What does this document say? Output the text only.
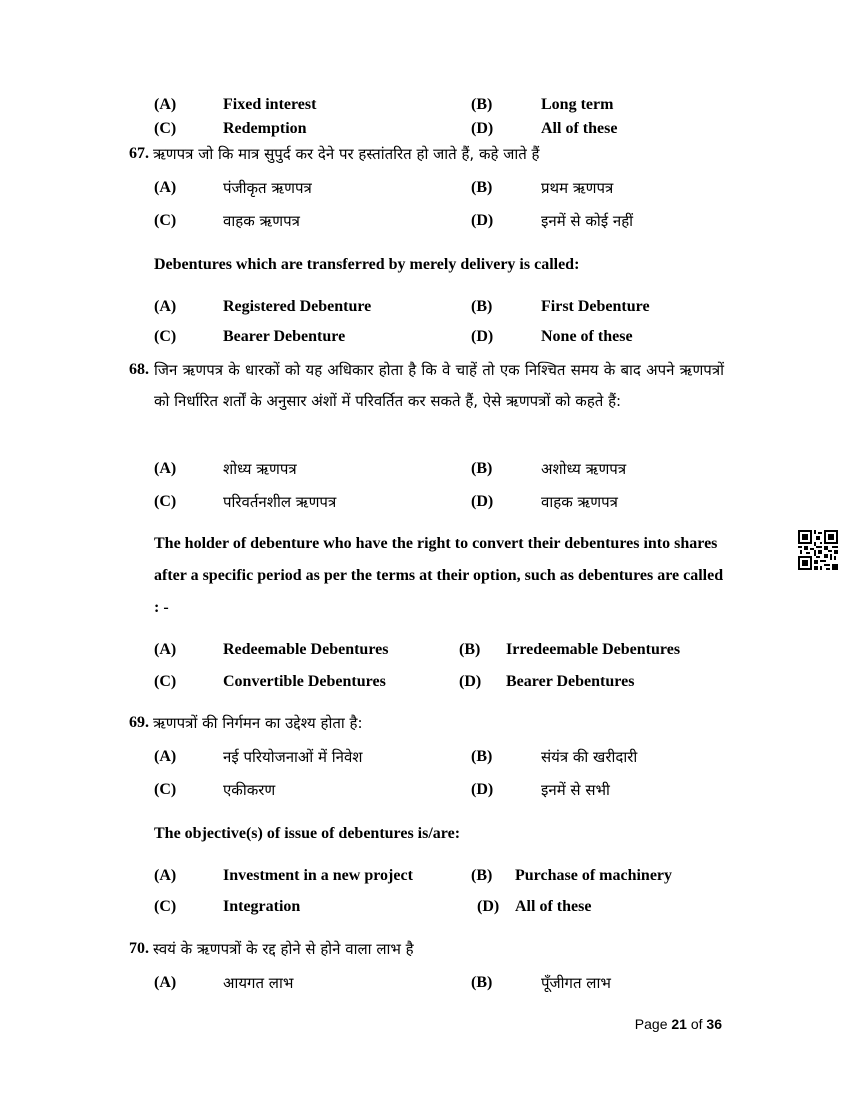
(A)	Fixed interest	(B)	Long term
(C)	Redemption	(D)	All of these
67. ऋणपत्र जो कि मात्र सुपुर्द कर देने पर हस्तांतरित हो जाते हैं, कहे जाते हैं
(A)	पंजीकृत ऋणपत्र	(B)	प्रथम ऋणपत्र
(C)	वाहक ऋणपत्र	(D)	इनमें से कोई नहीं
Debentures which are transferred by merely delivery is called:
(A)	Registered Debenture	(B)	First Debenture
(C)	Bearer Debenture	(D)	None of these
68. जिन ऋणपत्र के धारकों को यह अधिकार होता है कि वे चाहें तो एक निश्चित समय के बाद अपने ऋणपत्रों को निर्धारित शर्तों के अनुसार अंशों में परिवर्तित कर सकते हैं, ऐसे ऋणपत्रों को कहते हैं:
(A)	शोध्य ऋणपत्र	(B)	अशोध्य ऋणपत्र
(C)	परिवर्तनशील ऋणपत्र	(D)	वाहक ऋणपत्र
The holder of debenture who have the right to convert their debentures into shares after a specific period as per the terms at their option, such as debentures are called : -
(A)	Redeemable Debentures	(B) Irredeemable Debentures
(C)	Convertible Debentures	(D) Bearer Debentures
69. ऋणपत्रों की निर्गमन का उद्देश्य होता है:
(A)	नई परियोजनाओं में निवेश	(B)	संयंत्र की खरीदारी
(C)	एकीकरण	(D)	इनमें से सभी
The objective(s) of issue of debentures is/are:
(A)	Investment in a new project	(B) Purchase of machinery
(C)	Integration	(D) All of these
70. स्वयं के ऋणपत्रों के रद्द होने से होने वाला लाभ है
(A)	आयगत लाभ	(B)	पूँजीगत लाभ
Page 21 of 36
